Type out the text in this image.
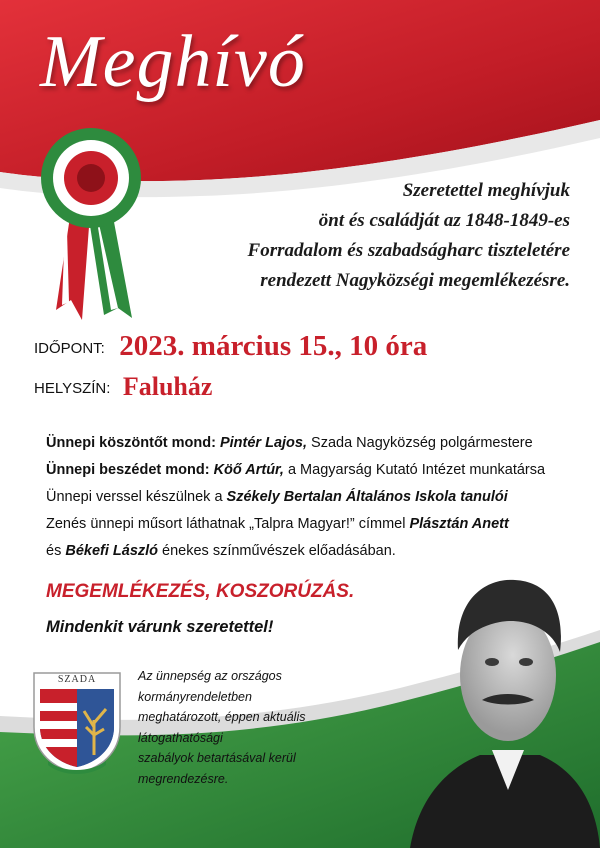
Meghívó
Szeretettel meghívjuk
önt és családját az 1848-1849-es
Forradalom és szabadságharc tiszteletére
rendezett Nagyközségi megemlékezésre.
IDŐPONT: 2023. március 15., 10 óra
HELYSZÍN: Faluház
Ünnepi köszöntőt mond: Pintér Lajos, Szada Nagyközség polgármestere
Ünnepi beszédet mond: Köő Artúr, a Magyarság Kutató Intézet munkatársa
Ünnepi verssel készülnek a Székely Bertalan Általános Iskola tanulói
Zenés ünnepi műsort láthatnak „Talpra Magyar!” címmel Plásztán Anett
és Békefi László énekes színművészek előadásában.
MEGEMLÉKEZÉS, KOSZORÚZÁS.
Mindenkit várunk szeretettel!
SZADA	Az ünnepség az országos kormányrendeletben
meghatározott, éppen aktuális látogathatósági
szabályok betartásával kerül
megrendezésre.
